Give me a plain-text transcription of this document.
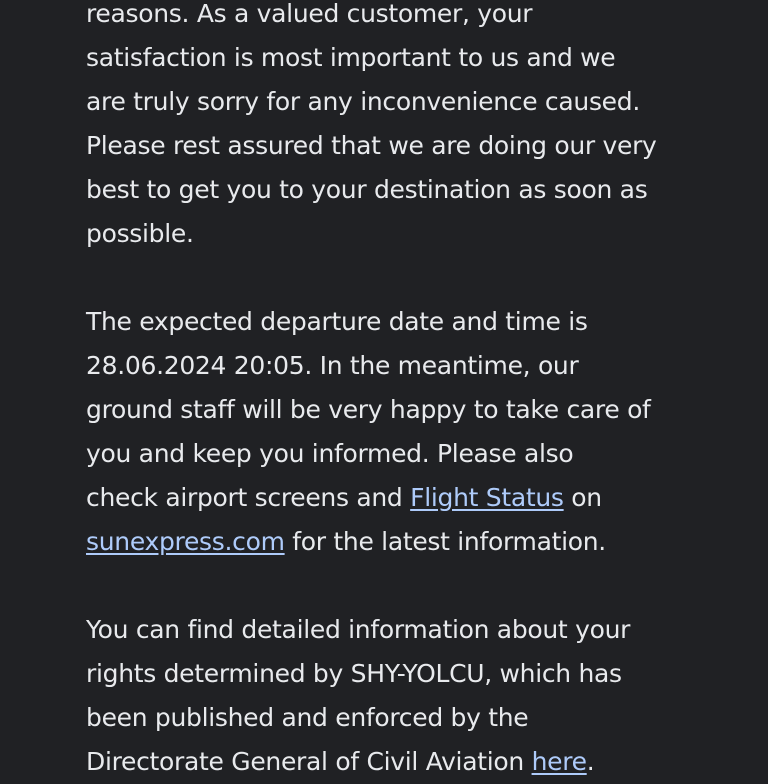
reasons. As a valued customer, your
satisfaction is most important to us and we
are truly sorry for any inconvenience caused.
Please rest assured that we are doing our very
best to get you to your destination as soon as
possible.

The expected departure date and time is
28.06.2024 20:05. In the meantime, our
ground staff will be very happy to take care of
you and keep you informed. Please also
check airport screens and Flight Status on
sunexpress.com for the latest information.

You can find detailed information about your
rights determined by SHY-YOLCU, which has
been published and enforced by the
Directorate General of Civil Aviation here.
